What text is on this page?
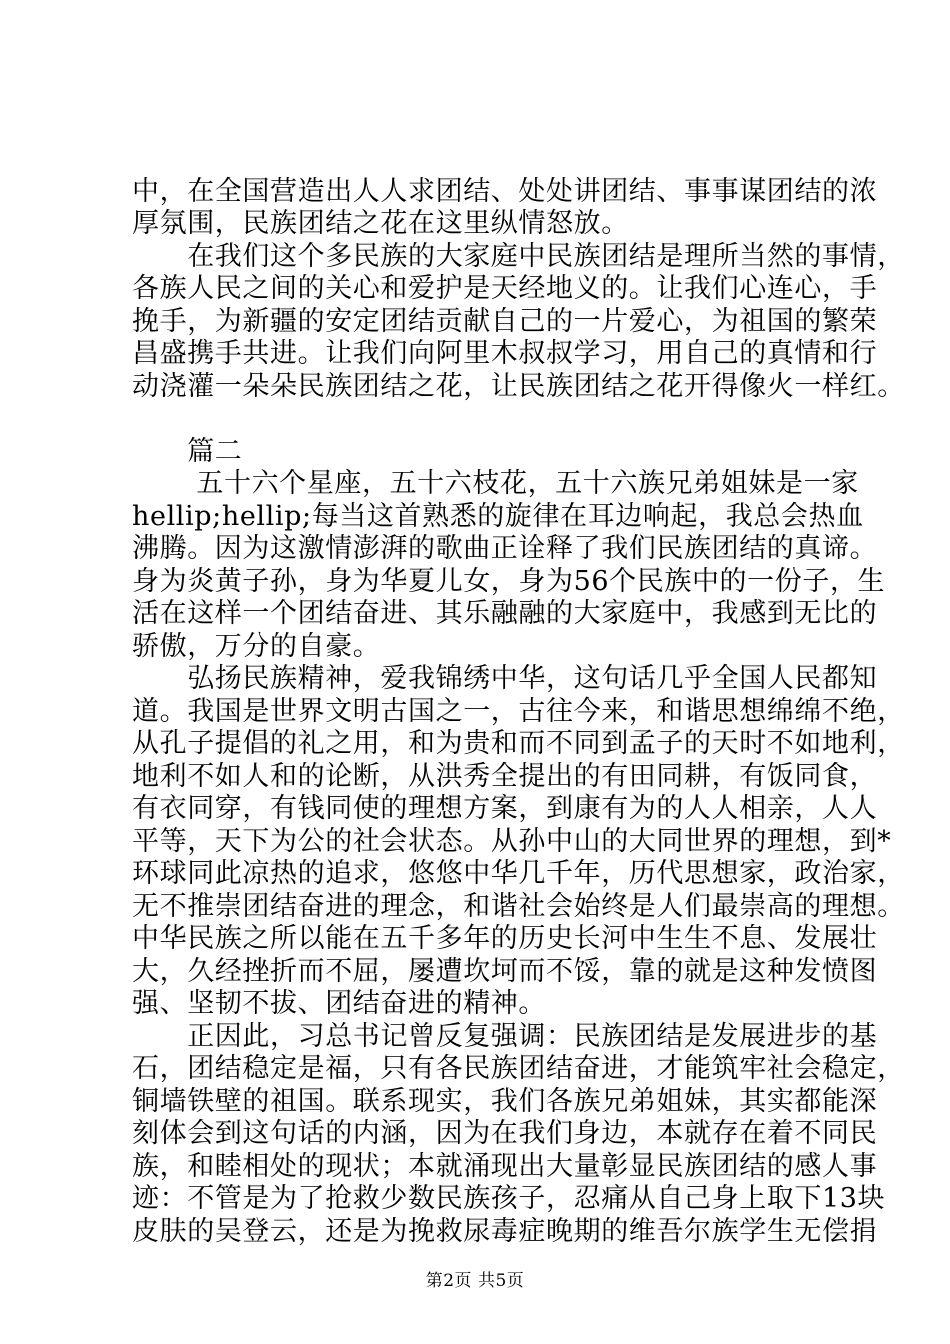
中，在全国营造出人人求团结、处处讲团结、事事谋团结的浓
厚氛围，民族团结之花在这里纵情怒放。
　　在我们这个多民族的大家庭中民族团结是理所当然的事情，
各族人民之间的关心和爱护是天经地义的。让我们心连心，手
挽手，为新疆的安定团结贡献自己的一片爱心，为祖国的繁荣
昌盛携手共进。让我们向阿里木叔叔学习，用自己的真情和行
动浇灌一朵朵民族团结之花，让民族团结之花开得像火一样红。
　　篇二
　　 五十六个星座，五十六枝花，五十六族兄弟姐妹是一家
hellip;hellip;每当这首熟悉的旋律在耳边响起，我总会热血
沸腾。因为这激情澎湃的歌曲正诠释了我们民族团结的真谛。
身为炎黄子孙，身为华夏儿女，身为56个民族中的一份子，生
活在这样一个团结奋进、其乐融融的大家庭中，我感到无比的
骄傲，万分的自豪。
　　弘扬民族精神，爱我锦绣中华，这句话几乎全国人民都知
道。我国是世界文明古国之一，古往今来，和谐思想绵绵不绝，
从孔子提倡的礼之用，和为贵和而不同到孟子的天时不如地利，
地利不如人和的论断，从洪秀全提出的有田同耕，有饭同食，
有衣同穿，有钱同使的理想方案，到康有为的人人相亲，人人
平等，天下为公的社会状态。从孙中山的大同世界的理想，到*
环球同此凉热的追求，悠悠中华几千年，历代思想家，政治家，
无不推崇团结奋进的理念，和谐社会始终是人们最崇高的理想。
中华民族之所以能在五千多年的历史长河中生生不息、发展壮
大，久经挫折而不屈，屡遭坎坷而不馁，靠的就是这种发愤图
强、坚韧不拔、团结奋进的精神。
　　正因此，习总书记曾反复强调：民族团结是发展进步的基
石，团结稳定是福，只有各民族团结奋进，才能筑牢社会稳定，
铜墙铁壁的祖国。联系现实，我们各族兄弟姐妹，其实都能深
刻体会到这句话的内涵，因为在我们身边，本就存在着不同民
族，和睦相处的现状；本就涌现出大量彰显民族团结的感人事
迹：不管是为了抢救少数民族孩子，忍痛从自己身上取下13块
皮肤的吴登云，还是为挽救尿毒症晚期的维吾尔族学生无偿捐
第2页 共5页
